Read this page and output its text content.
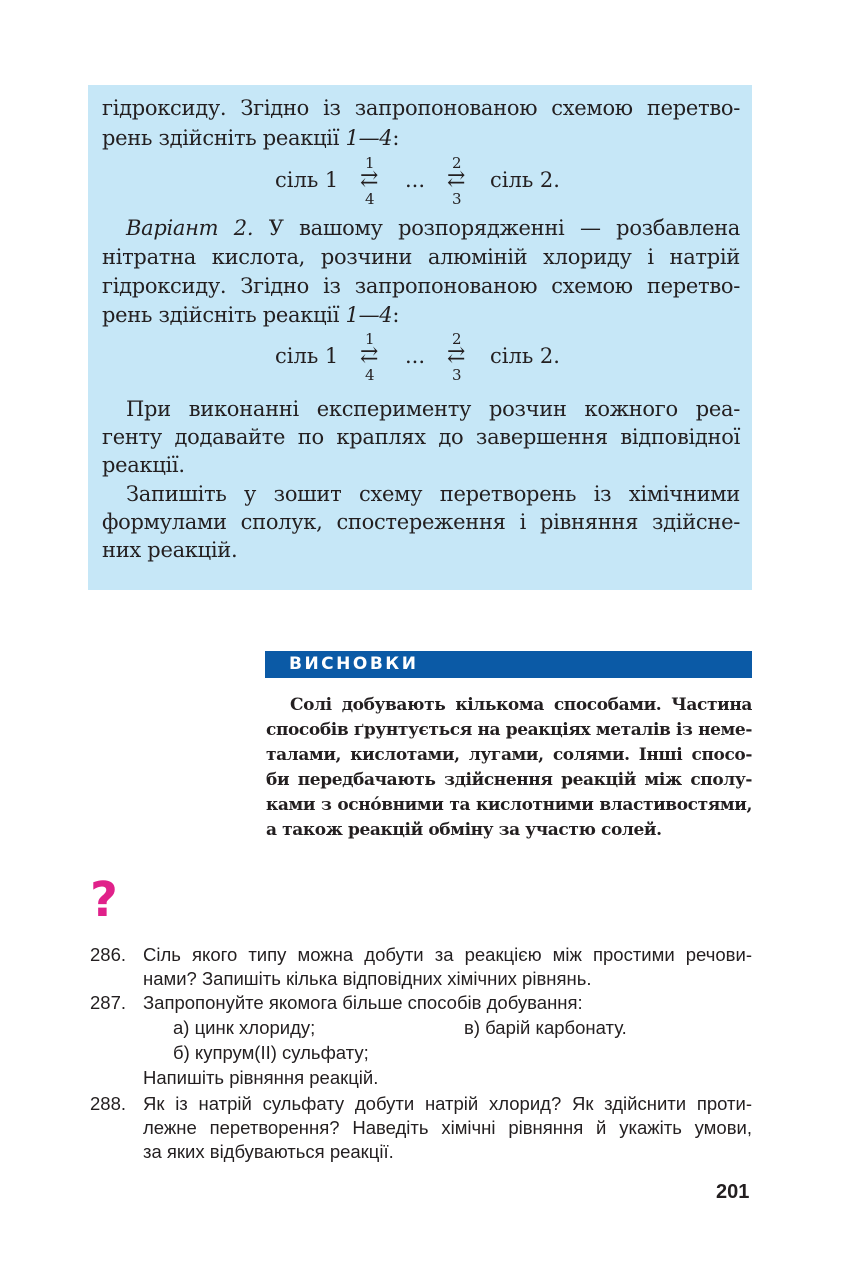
гідроксиду. Згідно із запропонованою схемою перетво-
рень здійсніть реакції 1—4:
сіль 1
1
⇄
4
...
2
⇄
3
сіль 2.
Варіант 2. У вашому розпорядженні — розбавлена
нітратна кислота, розчини алюміній хлориду і натрій
гідроксиду. Згідно із запропонованою схемою перетво-
рень здійсніть реакції 1—4:
сіль 1
1
⇄
4
...
2
⇄
3
сіль 2.
При виконанні експерименту розчин кожного реа-
генту додавайте по краплях до завершення відповідної
реакції.
Запишіть у зошит схему перетворень із хімічними
формулами сполук, спостереження і рівняння здійсне-
них реакцій.
ВИСНОВКИ
Солі добувають кількома способами. Частина
способів ґрунтується на реакціях металів із неме-
талами, кислотами, лугами, солями. Інші спосо-
би передбачають здійснення реакцій між сполу-
ками з оснóвними та кислотними властивостями,
а також реакцій обміну за участю солей.
?
286. Сіль якого типу можна добути за реакцією між простими речови-
нами? Запишіть кілька відповідних хімічних рівнянь.
287. Запропонуйте якомога більше способів добування:
а) цинк хлориду;	в) барій карбонату.
б) купрум(ІІ) сульфату;
Напишіть рівняння реакцій.
288. Як із натрій сульфату добути натрій хлорид? Як здійснити проти-
лежне перетворення? Наведіть хімічні рівняння й укажіть умови,
за яких відбуваються реакції.
201
